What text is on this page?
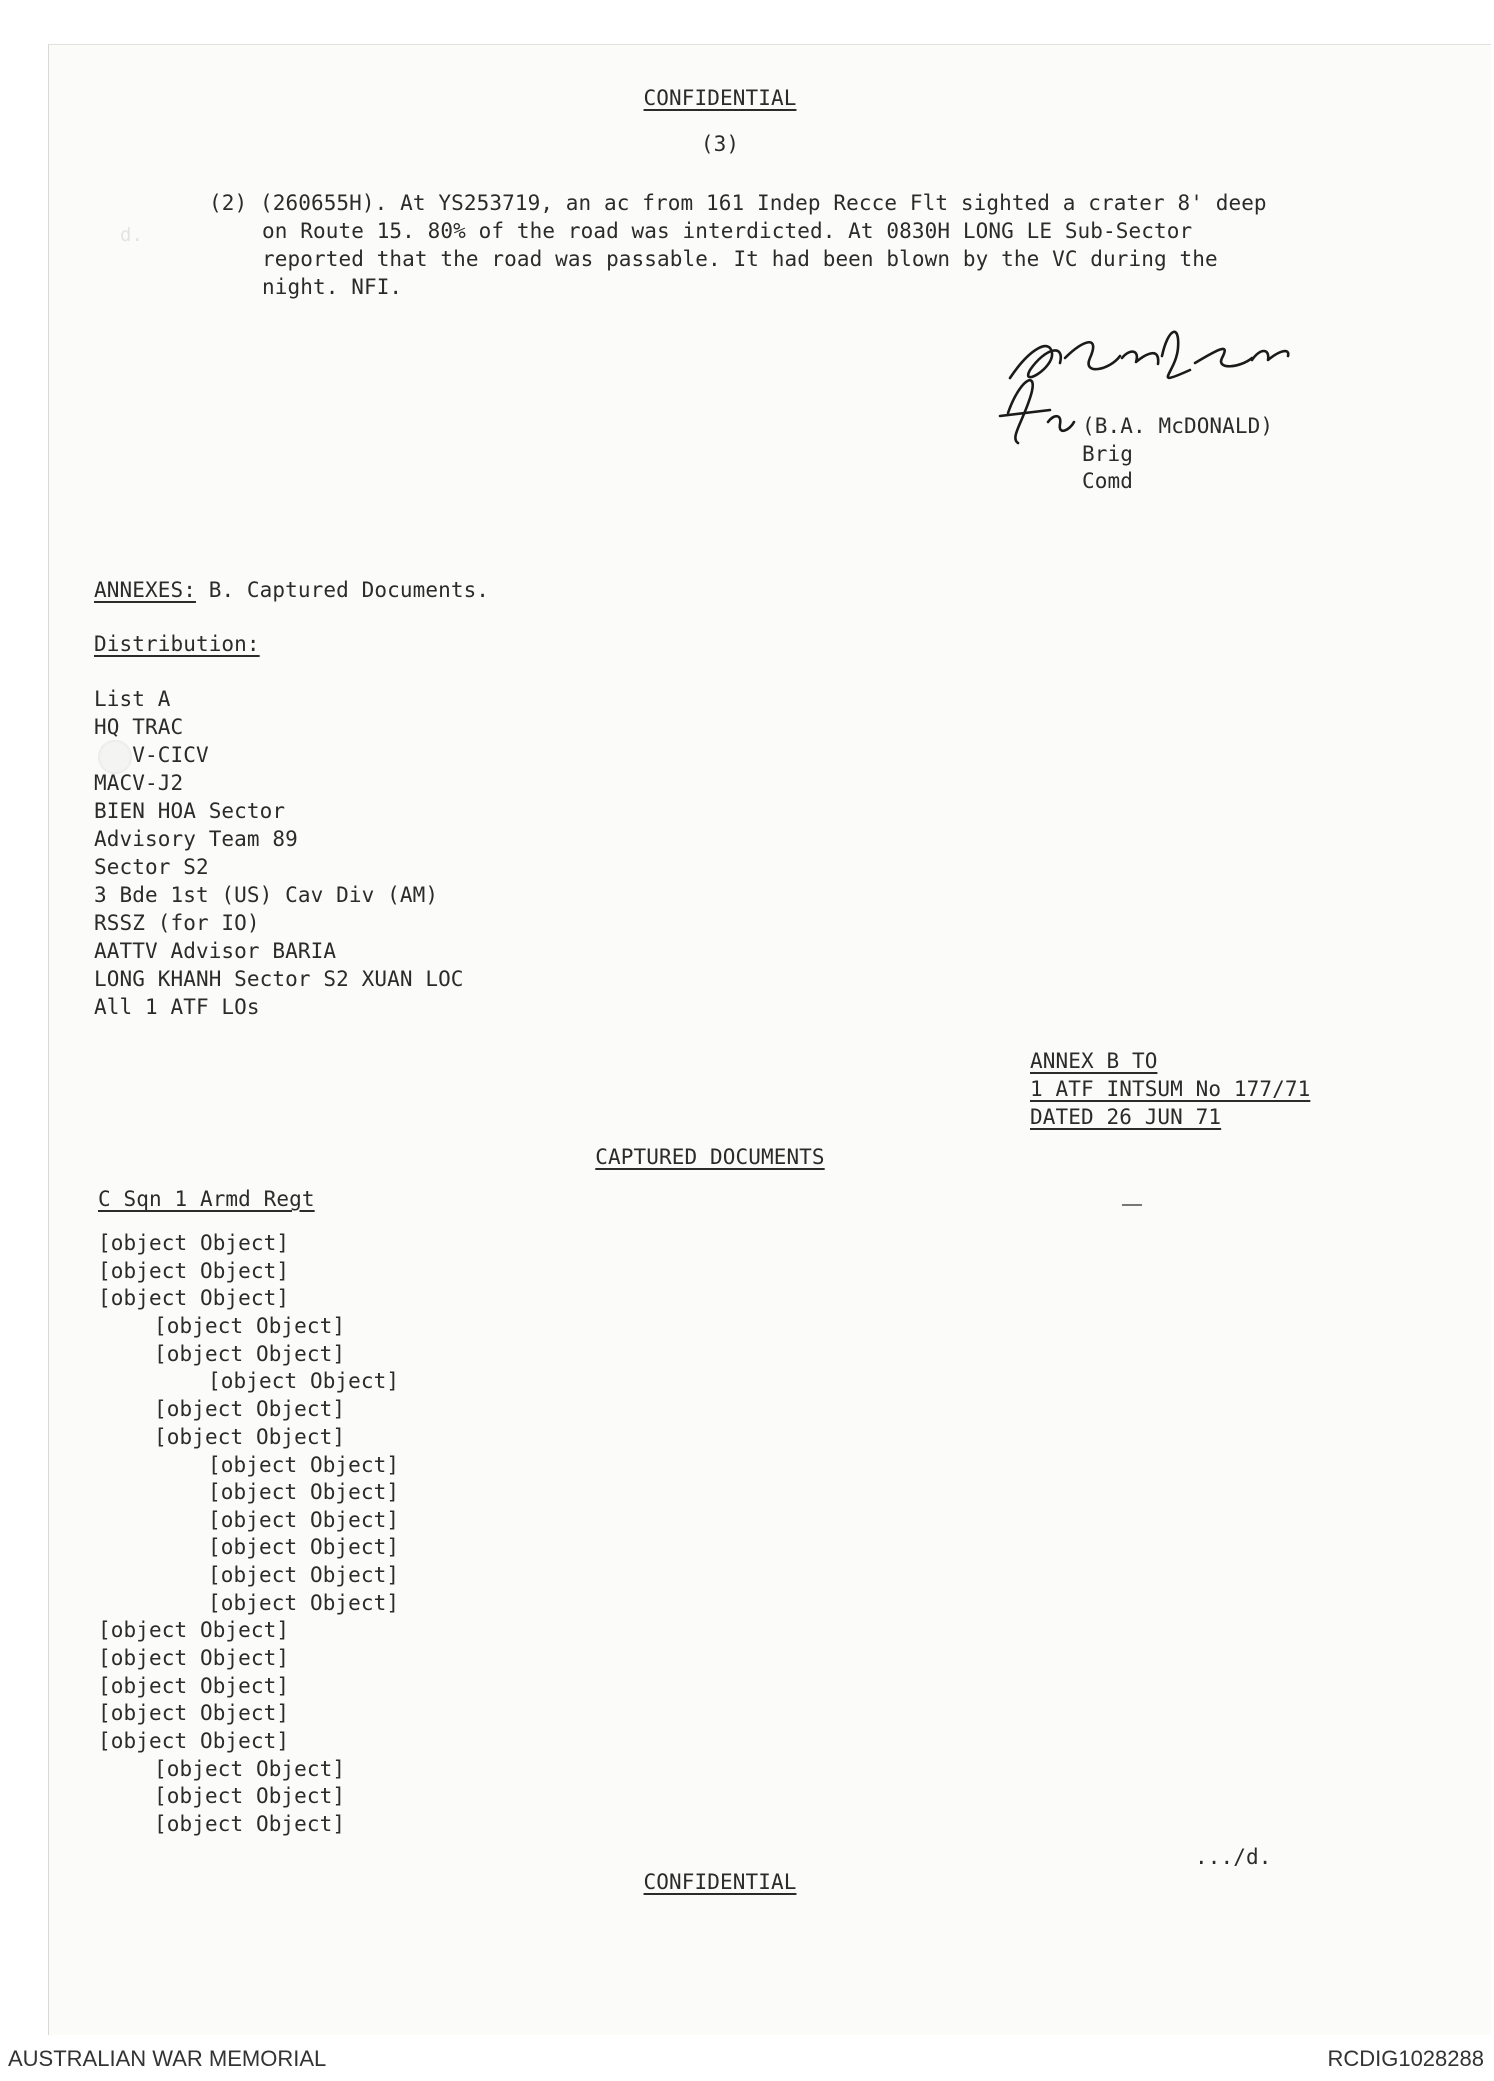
d.
CONFIDENTIAL
(3)
(2) (260655H). At YS253719, an ac from 161 Indep Recce Flt sighted a crater 8' deep
on Route 15. 80% of the road was interdicted. At 0830H LONG LE Sub-Sector
reported that the road was passable. It had been blown by the VC during the
night. NFI.
(B.A. McDONALD)
Brig
Comd
ANNEXES: B. Captured Documents.
Distribution:
List A
HQ TRAC
V-CICV
MACV-J2
BIEN HOA Sector
Advisory Team 89
Sector S2
3 Bde 1st (US) Cav Div (AM)
RSSZ (for IO)
AATTV Advisor BARIA
LONG KHANH Sector S2 XUAN LOC
All 1 ATF LOs
ANNEX B TO
1 ATF INTSUM No 177/71
DATED 26 JUN 71
CAPTURED DOCUMENTS
C Sqn 1 Armd Regt
[object Object]
[object Object]
[object Object]
[object Object]
[object Object]
[object Object]
[object Object]
[object Object]
[object Object]
[object Object]
[object Object]
[object Object]
[object Object]
[object Object]
[object Object]
[object Object]
[object Object]
[object Object]
[object Object]
[object Object]
[object Object]
[object Object]
.../d.
CONFIDENTIAL
AUSTRALIAN WAR MEMORIAL	RCDIG1028288
